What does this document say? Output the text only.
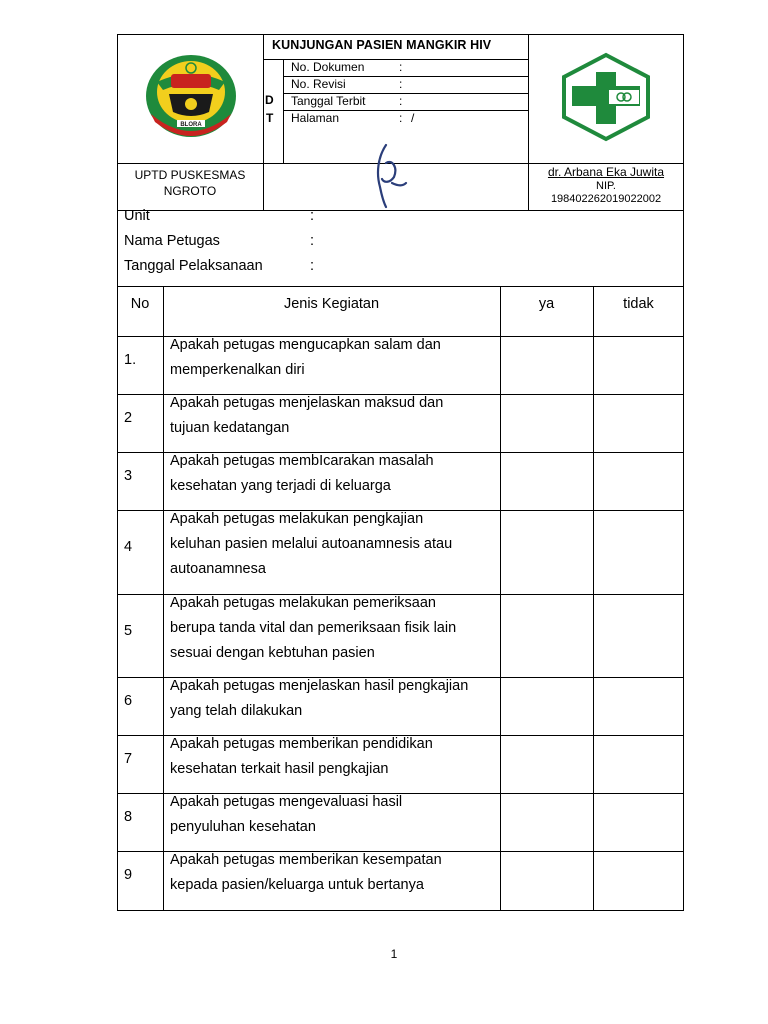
KUNJUNGAN PASIEN MANGKIR HIV
D
T
No. Dokumen	:
No. Revisi	:
Tanggal Terbit	:
Halaman	: /
BLORA
UPTD PUSKESMAS
NGROTO
dr. Arbana Eka Juwita
NIP.
198402262019022002
Unit	:
Nama Petugas	:
Tanggal Pelaksanaan	:
No	Jenis Kegiatan	ya	tidak
1.
Apakah petugas mengucapkan salam dan
memperkenalkan diri
2
Apakah petugas menjelaskan maksud dan
tujuan kedatangan
3
Apakah petugas membIcarakan masalah
kesehatan yang terjadi di keluarga
4
Apakah petugas melakukan pengkajian
keluhan pasien melalui autoanamnesis atau
autoanamnesa
5
Apakah petugas melakukan pemeriksaan
berupa tanda vital dan pemeriksaan fisik lain
sesuai dengan kebtuhan pasien
6
Apakah petugas menjelaskan hasil pengkajian
yang telah dilakukan
7
Apakah petugas memberikan pendidikan
kesehatan terkait hasil pengkajian
8
Apakah petugas mengevaluasi hasil
penyuluhan kesehatan
9
Apakah petugas memberikan kesempatan
kepada pasien/keluarga untuk bertanya
1
